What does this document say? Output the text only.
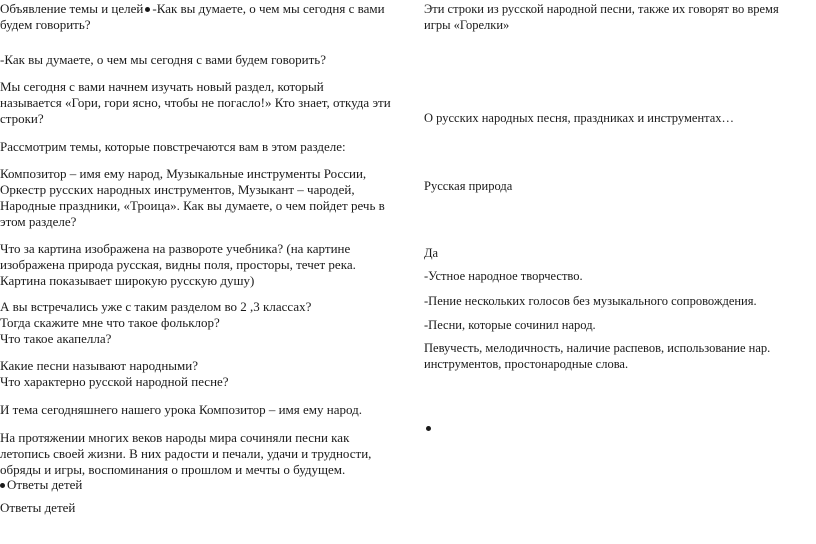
Объявление темы и целей -Как вы думаете, о чем мы сегодня с вами
будем говорить?
-Как вы думаете, о чем мы сегодня с вами будем говорить?
Мы сегодня с вами начнем изучать новый раздел, который
называется «Гори, гори ясно, чтобы не погасло!» Кто знает, откуда эти
строки?
Рассмотрим темы, которые повстречаются вам в этом разделе:
Композитор – имя ему народ, Музыкальные инструменты России,
Оркестр русских народных инструментов, Музыкант – чародей,
Народные праздники, «Троица». Как вы думаете, о чем пойдет речь в
этом разделе?
Что за картина изображена на развороте учебника? (на картине
изображена природа русская, видны поля, просторы, течет река.
Картина показывает широкую русскую душу)
А вы встречались уже с таким разделом во 2 ,3 классах?
Тогда скажите мне что такое фольклор?
Что такое акапелла?
Какие песни называют народными?
Что характерно русской народной песне?
И тема сегодняшнего нашего урока Композитор – имя ему народ.
На протяжении многих веков народы мира сочиняли песни как
летопись своей жизни. В них радости и печали, удачи и трудности,
обряды и игры, воспоминания о прошлом и мечты о будущем.
Ответы детей
Ответы детей
Эти строки из русской народной песни, также их говорят во время
игры «Горелки»
О русских народных песня, праздниках и инструментах…
Русская природа
Да
-Устное народное творчество.
-Пение нескольких голосов без музыкального сопровождения.
-Песни, которые сочинил народ.
Певучесть, мелодичность, наличие распевов, использование нар.
инструментов, простонародные слова.
